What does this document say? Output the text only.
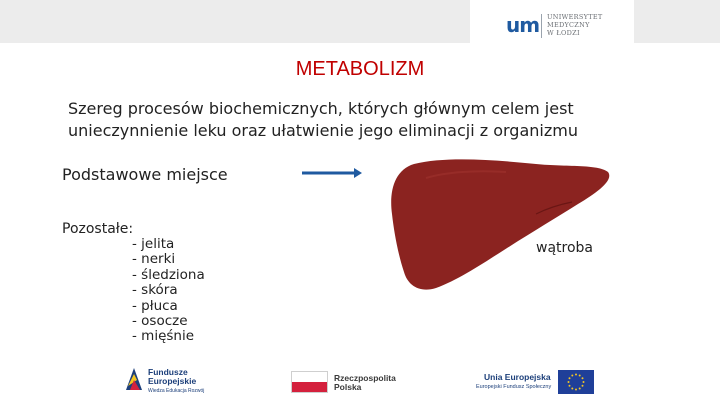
um UNIWERSYTET
MEDYCZNY
W ŁODZI
METABOLIZM
Szereg procesów biochemicznych, których głównym celem jest
unieczynnienie leku oraz ułatwienie jego eliminacji z organizmu
Podstawowe miejsce
Pozostałe:
- jelita
- nerki
- śledziona
- skóra
- płuca
- osocze
- mięśnie
wątroba
Fundusze
Europejskie
Wiedza Edukacja Rozwój
Rzeczpospolita
Polska
Unia Europejska
Europejski Fundusz Społeczny
